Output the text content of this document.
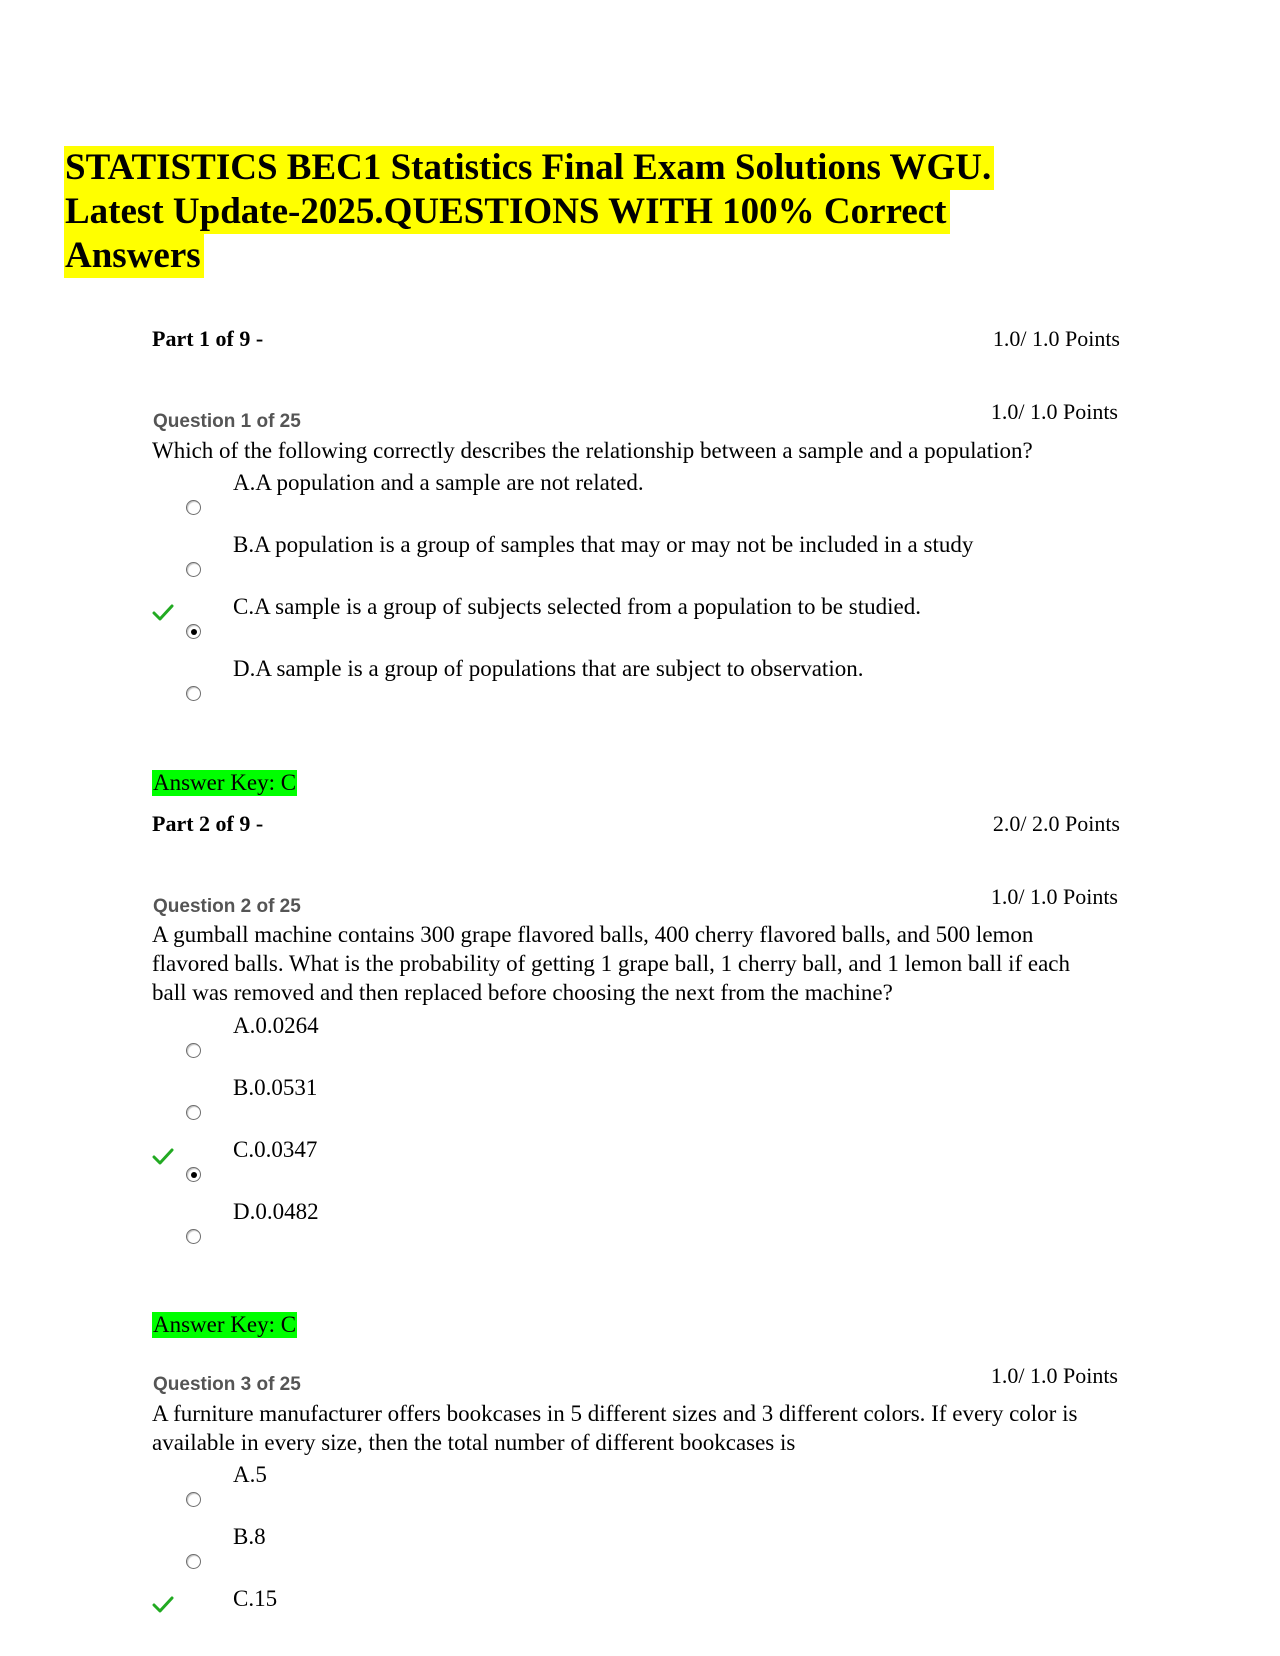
STATISTICS BEC1 Statistics Final Exam Solutions WGU.
Latest Update-2025.QUESTIONS WITH 100% Correct
Answers
Part 1 of 9 -	1.0/ 1.0 Points
1.0/ 1.0 Points
Question 1 of 25
Which of the following correctly describes the relationship between a sample and a population?
A.A population and a sample are not related.
B.A population is a group of samples that may or may not be included in a study
C.A sample is a group of subjects selected from a population to be studied.
D.A sample is a group of populations that are subject to observation.
Answer Key: C
Part 2 of 9 -	2.0/ 2.0 Points
1.0/ 1.0 Points
Question 2 of 25
A gumball machine contains 300 grape flavored balls, 400 cherry flavored balls, and 500 lemon flavored balls. What is the probability of getting 1 grape ball, 1 cherry ball, and 1 lemon ball if each ball was removed and then replaced before choosing the next from the machine?
A.0.0264
B.0.0531
C.0.0347
D.0.0482
Answer Key: C
1.0/ 1.0 Points
Question 3 of 25
A furniture manufacturer offers bookcases in 5 different sizes and 3 different colors. If every color is available in every size, then the total number of different bookcases is
A.5
B.8
C.15
